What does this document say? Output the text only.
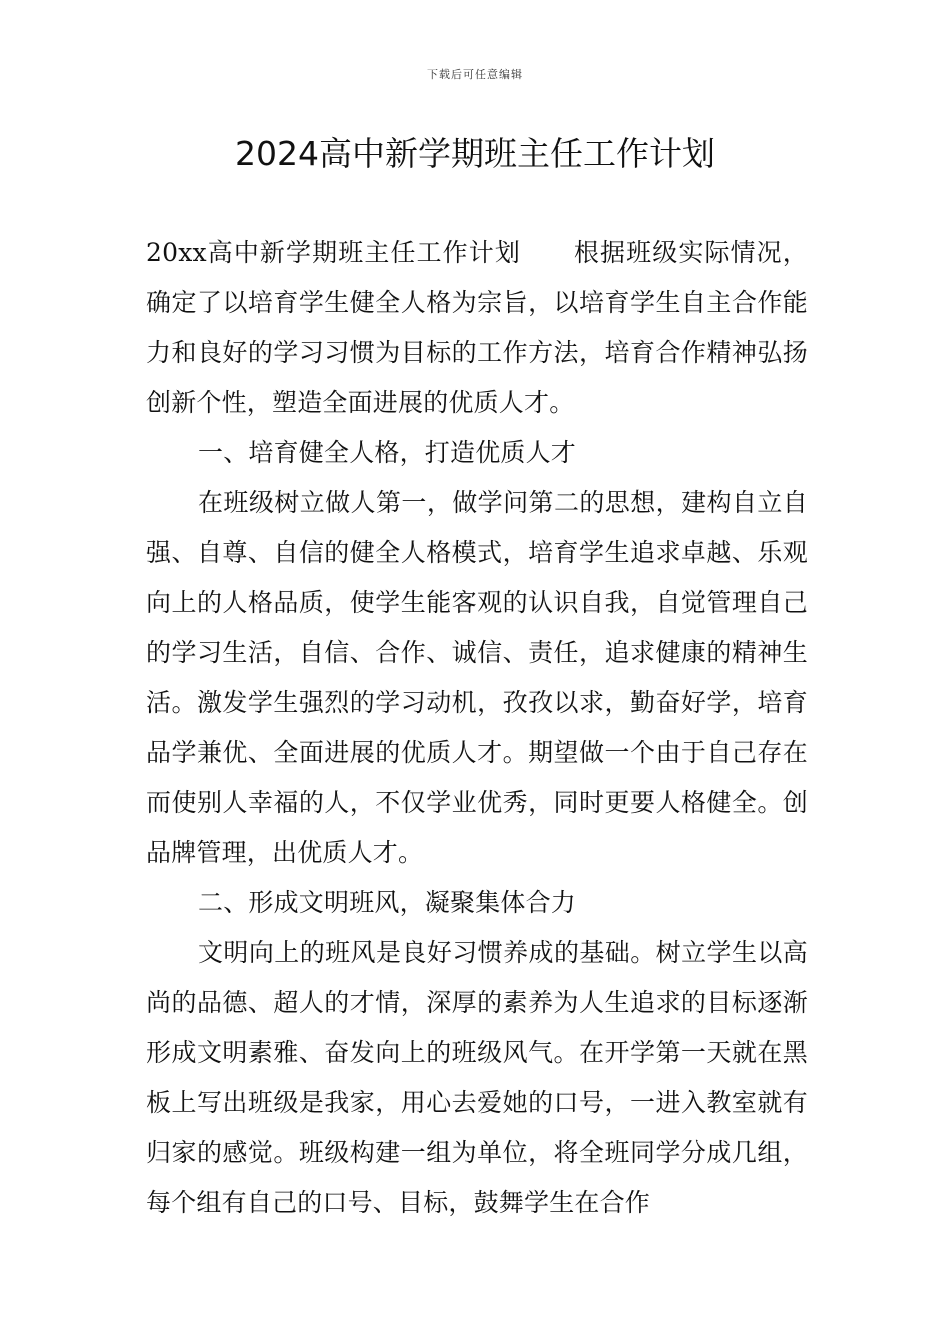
下载后可任意编辑
2024高中新学期班主任工作计划

20xx高中新学期班主任工作计划 根据班级实际情况，确定了以培育学生健全人格为宗旨，以培育学生自主合作能力和良好的学习习惯为目标的工作方法，培育合作精神弘扬创新个性，塑造全面进展的优质人才。

一、培育健全人格，打造优质人才

在班级树立做人第一，做学问第二的思想，建构自立自强、自尊、自信的健全人格模式，培育学生追求卓越、乐观向上的人格品质，使学生能客观的认识自我，自觉管理自己的学习生活，自信、合作、诚信、责任，追求健康的精神生活。激发学生强烈的学习动机，孜孜以求，勤奋好学，培育品学兼优、全面进展的优质人才。期望做一个由于自己存在而使别人幸福的人，不仅学业优秀，同时更要人格健全。创品牌管理，出优质人才。

二、形成文明班风，凝聚集体合力

文明向上的班风是良好习惯养成的基础。树立学生以高尚的品德、超人的才情，深厚的素养为人生追求的目标逐渐形成文明素雅、奋发向上的班级风气。在开学第一天就在黑板上写出班级是我家，用心去爱她的口号，一进入教室就有归家的感觉。班级构建一组为单位，将全班同学分成几组，每个组有自己的口号、目标，鼓舞学生在合作
